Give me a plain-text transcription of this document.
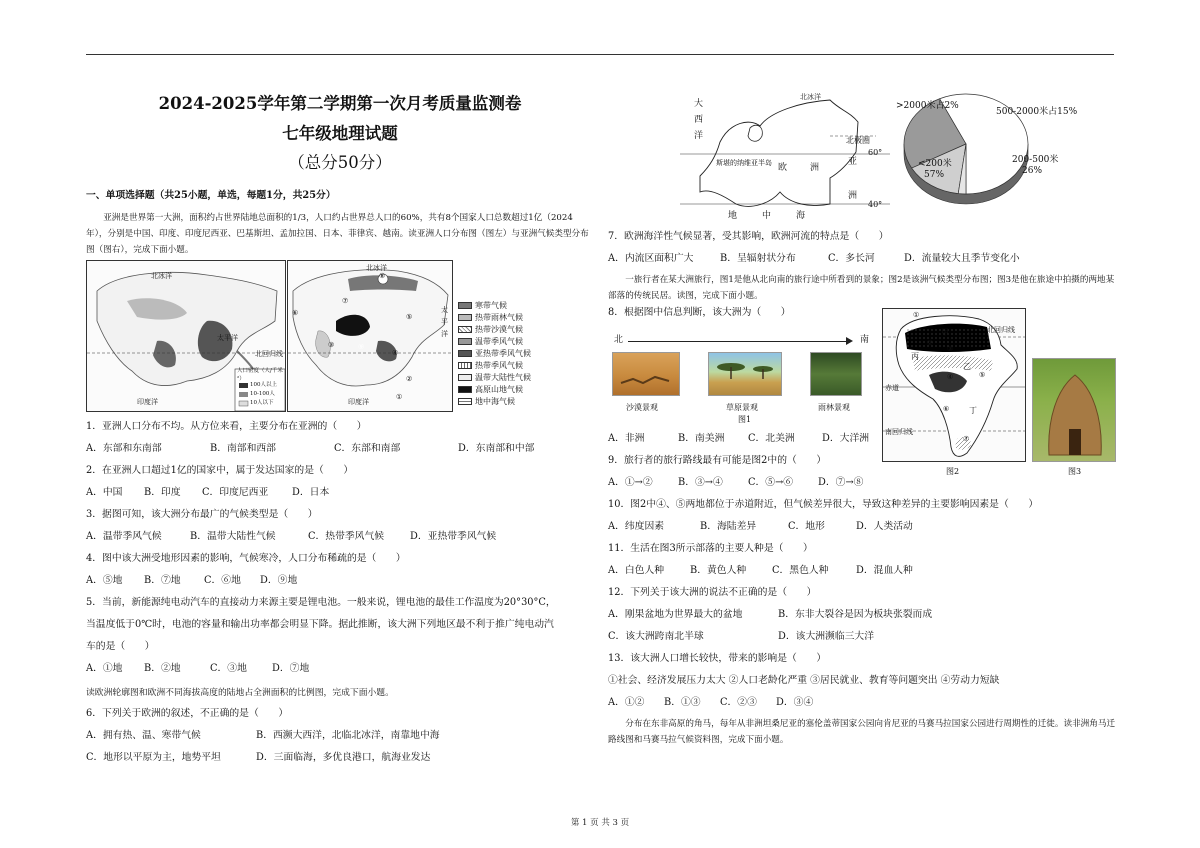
2024-2025学年第二学期第一次月考质量监测卷
七年级地理试题
（总分50分）
一、单项选择题（共25小题，单选，每题1分，共25分）
亚洲是世界第一大洲，面积约占世界陆地总面积的1/3，人口约占世界总人口的60%，共有8个国家人口总数超过1亿（2024年），分别是中国、印度、印度尼西亚、巴基斯坦、孟加拉国、日本、菲律宾、越南。读亚洲人口分布图（图左）与亚洲气候类型分布图（图右），完成下面小题。
北冰洋
太平洋
北回归线
印度洋
人口密度（人/千米²）
100人以上
10-100人
10人以下
北冰洋
太
平
洋
印度洋
⑧
⑦
⑥	⑤
⑨
④
③
②
①
寒带气候
热带雨林气候
热带沙漠气候
温带季风气候
亚热带季风气候
热带季风气候
温带大陆性气候
高原山地气候
地中海气候
1．亚洲人口分布不均。从方位来看，主要分布在亚洲的（　　）
A．东部和东南部	B．南部和西部	C．东部和南部	D．东南部和中部
2．在亚洲人口超过1亿的国家中，属于发达国家的是（　　）
A．中国 B．印度 C．印度尼西亚 D．日本
3．据图可知，该大洲分布最广的气候类型是（　　）
A．温带季风气候	B．温带大陆性气候	C．热带季风气候	D．亚热带季风气候
4．图中该大洲受地形因素的影响，气候寒冷，人口分布稀疏的是（　　）
A．⑤地 B．⑦地 C．⑥地 D．⑨地
5．当前，新能源纯电动汽车的直接动力来源主要是锂电池。一般来说，锂电池的最佳工作温度为20°30°C，
当温度低于0℃时，电池的容量和输出功率都会明显下降。据此推断，该大洲下列地区最不利于推广纯电动汽
车的是（　　）
A．①地 B．②地	C．③地	D．⑦地
读欧洲轮廓图和欧洲不同海拔高度的陆地占全洲面积的比例图，完成下面小题。
6．下列关于欧洲的叙述，不正确的是（　　）
A．拥有热、温、寒带气候	B．西濒大西洋，北临北冰洋，南靠地中海
C．地形以平原为主，地势平坦	D．三面临海，多优良港口，航海业发达
大
西
洋	北极圈
60°
40°
斯堪的纳维亚半岛 欧	洲
亚
洲
地	中	海
北冰洋
>2000米占2%
500-2000米占15%
200-500米
26%
<200米
57%
7．欧洲海洋性气候显著，受其影响，欧洲河流的特点是（　　）
A．内流区面积广大	B．呈辐射状分布	C．多长河	D．流量较大且季节变化小
一旅行者在某大洲旅行，图1是他从北向南的旅行途中所看到的景象；图2是该洲气候类型分布图；图3是他在旅途中拍摄的两地某部落的传统民居。读图，完成下面小题。
8．根据图中信息判断，该大洲为（　　）
北	南
沙漠景观	草原景观	雨林景观
图1
A．非洲	B．南美洲 C．北美洲	D．大洋洲
北回归线
甲
乙
丙
丁
赤道
南回归线
①
②
③
④	⑤
⑥
⑦
图2	图3
9．旅行者的旅行路线最有可能是图2中的（　　）
A．①→②	B．③→④	C．⑤→⑥	D．⑦→⑧
10．图2中④、⑤两地都位于赤道附近，但气候差异很大，导致这种差异的主要影响因素是（　　）
A．纬度因素	B．海陆差异	C．地形	D．人类活动
11．生活在图3所示部落的主要人种是（　　）
A．白色人种	B．黄色人种	C．黑色人种	D．混血人种
12．下列关于该大洲的说法不正确的是（　　）
A．刚果盆地为世界最大的盆地	B．东非大裂谷是因为板块张裂而成
C．该大洲跨南北半球	D．该大洲濒临三大洋
13．该大洲人口增长较快，带来的影响是（　　）
①社会、经济发展压力太大 ②人口老龄化严重 ③居民就业、教育等问题突出 ④劳动力短缺
A．①② B．①③ C．②③ D．③④
分布在东非高原的角马，每年从非洲坦桑尼亚的塞伦盖蒂国家公园向肯尼亚的马赛马拉国家公园进行周期性的迁徙。读非洲角马迁路线图和马赛马拉气候资料图，完成下面小题。
第 1 页 共 3 页
